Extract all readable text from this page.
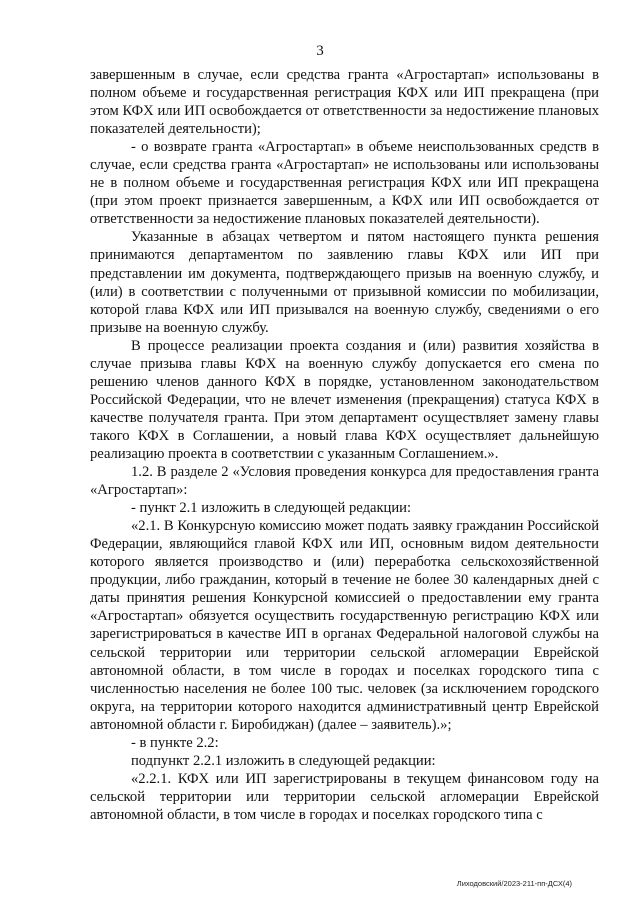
3

завершенным в случае, если средства гранта «Агростартап» использованы в полном объеме и государственная регистрация КФХ или ИП прекращена (при этом КФХ или ИП освобождается от ответственности за недостижение плановых показателей деятельности);

- о возврате гранта «Агростартап» в объеме неиспользованных средств в случае, если средства гранта «Агростартап» не использованы или использованы не в полном объеме и государственная регистрация КФХ или ИП прекращена (при этом проект признается завершенным, а КФХ или ИП освобождается от ответственности за недостижение плановых показателей деятельности).

Указанные в абзацах четвертом и пятом настоящего пункта решения принимаются департаментом по заявлению главы КФХ или ИП при представлении им документа, подтверждающего призыв на военную службу, и (или) в соответствии с полученными от призывной комиссии по мобилизации, которой глава КФХ или ИП призывался на военную службу, сведениями о его призыве на военную службу.

В процессе реализации проекта создания и (или) развития хозяйства в случае призыва главы КФХ на военную службу допускается его смена по решению членов данного КФХ в порядке, установленном законодательством Российской Федерации, что не влечет изменения (прекращения) статуса КФХ в качестве получателя гранта. При этом департамент осуществляет замену главы такого КФХ в Соглашении, а новый глава КФХ осуществляет дальнейшую реализацию проекта в соответствии с указанным Соглашением.».

1.2. В разделе 2 «Условия проведения конкурса для предоставления гранта «Агростартап»:

- пункт 2.1 изложить в следующей редакции:

«2.1. В Конкурсную комиссию может подать заявку гражданин Российской Федерации, являющийся главой КФХ или ИП, основным видом деятельности которого является производство и (или) переработка сельскохозяйственной продукции, либо гражданин, который в течение не более 30 календарных дней с даты принятия решения Конкурсной комиссией о предоставлении ему гранта «Агростартап» обязуется осуществить государственную регистрацию КФХ или зарегистрироваться в качестве ИП в органах Федеральной налоговой службы на сельской территории или территории сельской агломерации Еврейской автономной области, в том числе в городах и поселках городского типа с численностью населения не более 100 тыс. человек (за исключением городского округа, на территории которого находится административный центр Еврейской автономной области г. Биробиджан) (далее – заявитель).»;

- в пункте 2.2:

подпункт 2.2.1 изложить в следующей редакции:

«2.2.1. КФХ или ИП зарегистрированы в текущем финансовом году на сельской территории или территории сельской агломерации Еврейской автономной области, в том числе в городах и поселках городского типа с

Лиходовский/2023-211-пп-ДСХ(4)
